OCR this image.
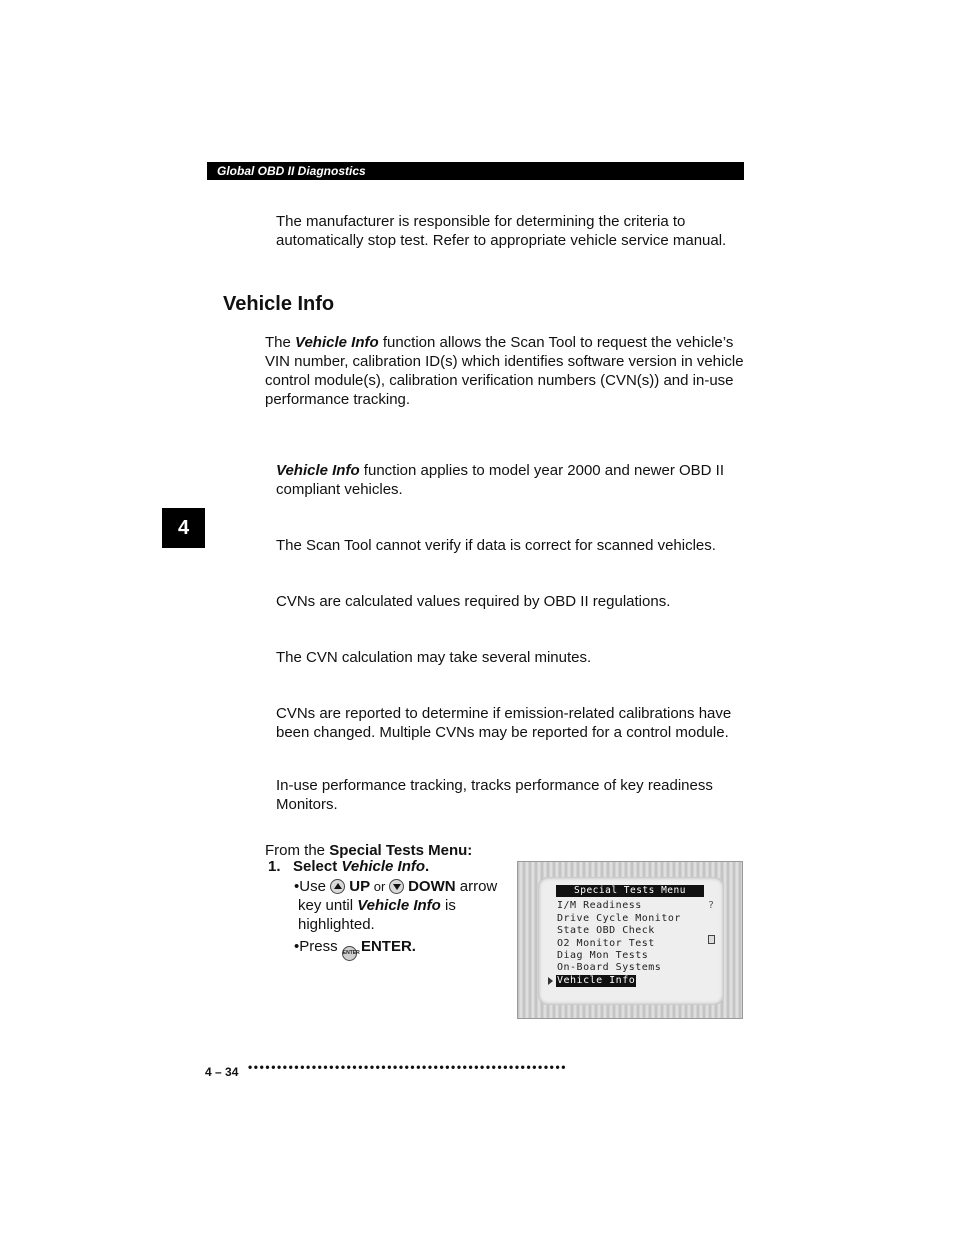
Global OBD II Diagnostics
The manufacturer is responsible for determining the criteria to automatically stop test. Refer to appropriate vehicle service manual.
Vehicle Info
The Vehicle Info function allows the Scan Tool to request the vehicle’s VIN number, calibration ID(s) which identifies software version in vehicle control module(s), calibration verification numbers (CVN(s)) and in-use performance tracking.
Vehicle Info function applies to model year 2000 and newer OBD II compliant vehicles.
4
The Scan Tool cannot verify if data is correct for scanned vehicles.
CVNs are calculated values required by OBD II regulations.
The CVN calculation may take several minutes.
CVNs are reported to determine if emission-related calibrations have been changed. Multiple CVNs may be reported for a control module.
In-use performance tracking, tracks performance of key readiness Monitors.
From the Special Tests Menu:
1. Select Vehicle Info.
•Use
UP or
DOWN arrow
key until Vehicle Info is
highlighted.
•Press ENTER ENTER.
Special Tests Menu
I/M Readiness
Drive Cycle Monitor
State OBD Check
O2 Monitor Test
Diag Mon Tests
On-Board Systems
Vehicle Info
?
4 – 34 •••••••••••••••••••••••••••••••••••••••••••••••••••••••
